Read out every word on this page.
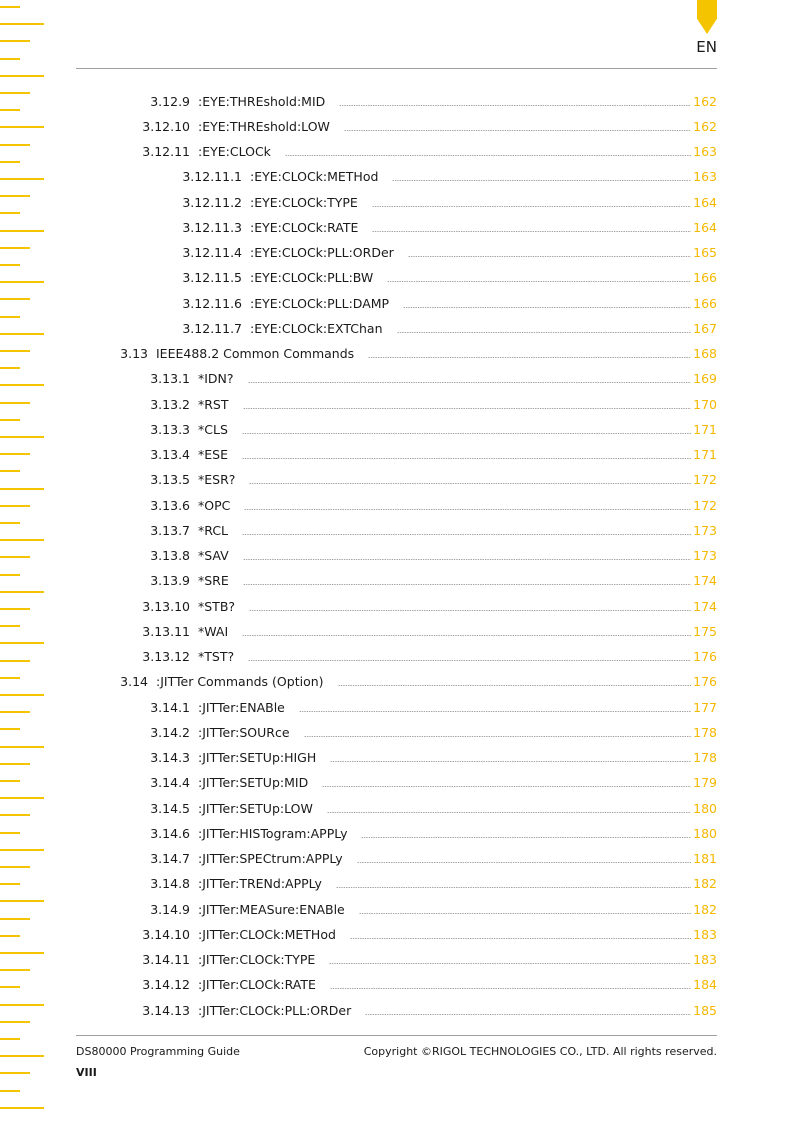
EN
3.12.9 :EYE:THREshold:MID	162
3.12.10 :EYE:THREshold:LOW	162
3.12.11 :EYE:CLOCk	163
3.12.11.1 :EYE:CLOCk:METHod	163
3.12.11.2 :EYE:CLOCk:TYPE	164
3.12.11.3 :EYE:CLOCk:RATE	164
3.12.11.4 :EYE:CLOCk:PLL:ORDer	165
3.12.11.5 :EYE:CLOCk:PLL:BW	166
3.12.11.6 :EYE:CLOCk:PLL:DAMP	166
3.12.11.7 :EYE:CLOCk:EXTChan	167
3.13 IEEE488.2 Common Commands	168
3.13.1 *IDN?	169
3.13.2 *RST	170
3.13.3 *CLS	171
3.13.4 *ESE	171
3.13.5 *ESR?	172
3.13.6 *OPC	172
3.13.7 *RCL	173
3.13.8 *SAV	173
3.13.9 *SRE	174
3.13.10 *STB?	174
3.13.11 *WAI	175
3.13.12 *TST?	176
3.14 :JITTer Commands (Option)	176
3.14.1 :JITTer:ENABle	177
3.14.2 :JITTer:SOURce	178
3.14.3 :JITTer:SETUp:HIGH	178
3.14.4 :JITTer:SETUp:MID	179
3.14.5 :JITTer:SETUp:LOW	180
3.14.6 :JITTer:HISTogram:APPLy	180
3.14.7 :JITTer:SPECtrum:APPLy	181
3.14.8 :JITTer:TRENd:APPLy	182
3.14.9 :JITTer:MEASure:ENABle	182
3.14.10 :JITTer:CLOCk:METHod	183
3.14.11 :JITTer:CLOCk:TYPE	183
3.14.12 :JITTer:CLOCk:RATE	184
3.14.13 :JITTer:CLOCk:PLL:ORDer	185
DS80000 Programming Guide	Copyright ©RIGOL TECHNOLOGIES CO., LTD. All rights reserved.
VIII
